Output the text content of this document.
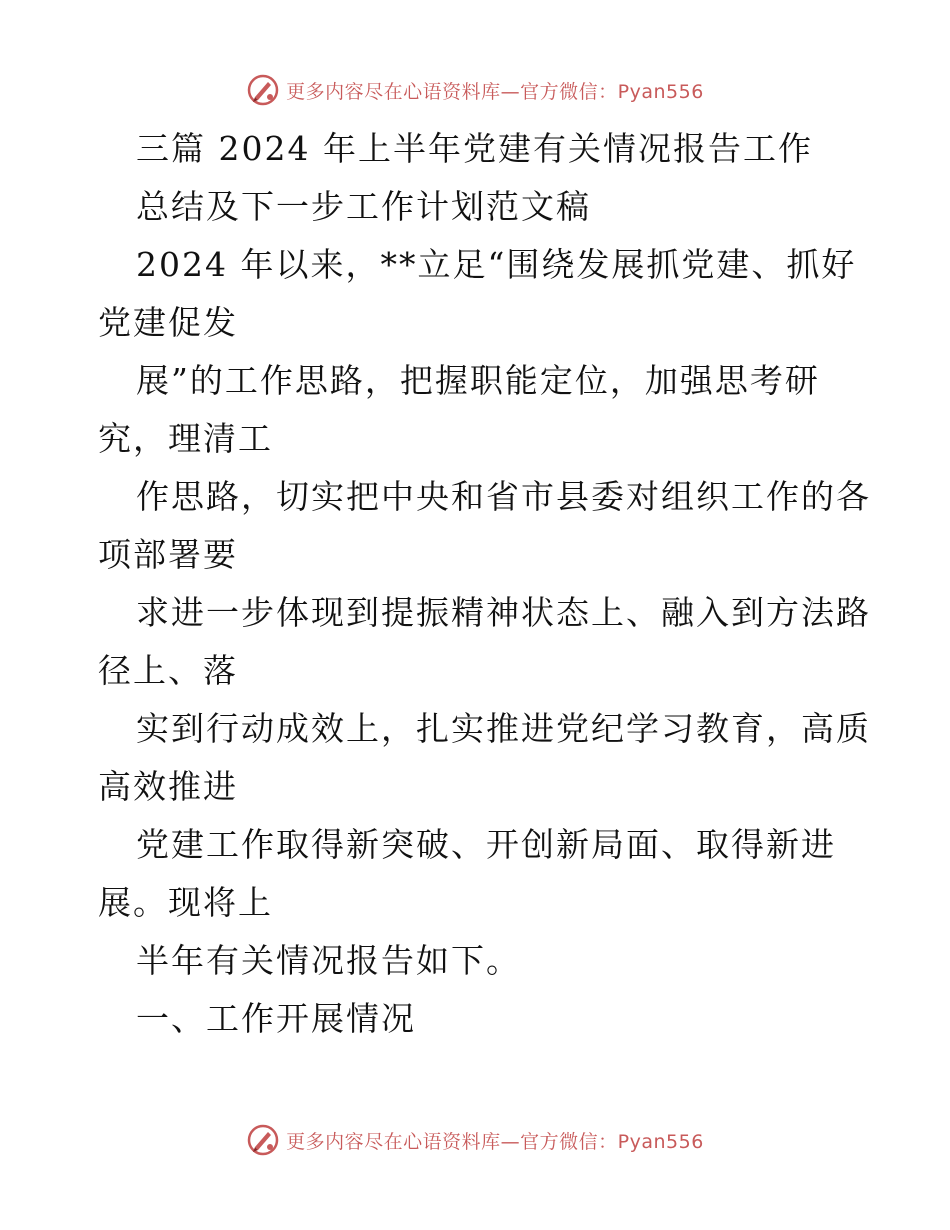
更多内容尽在心语资料库—官方微信：Pyan556
三篇 2024 年上半年党建有关情况报告工作
总结及下一步工作计划范文稿
2024 年以来，**立足“围绕发展抓党建、抓好
党建促发
展”的工作思路，把握职能定位，加强思考研
究，理清工
作思路，切实把中央和省市县委对组织工作的各
项部署要
求进一步体现到提振精神状态上、融入到方法路
径上、落
实到行动成效上，扎实推进党纪学习教育，高质
高效推进
党建工作取得新突破、开创新局面、取得新进
展。现将上
半年有关情况报告如下。
一、工作开展情况
更多内容尽在心语资料库—官方微信：Pyan556
